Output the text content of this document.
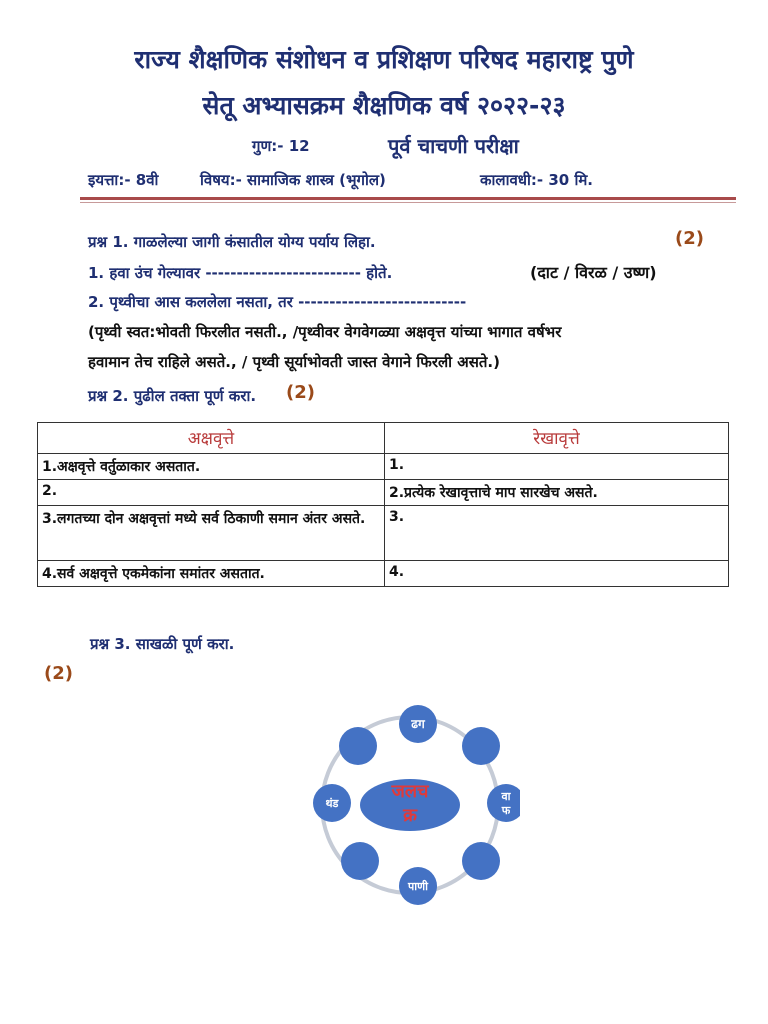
राज्य शैक्षणिक संशोधन व प्रशिक्षण परिषद महाराष्ट्र पुणे
सेतू अभ्यासक्रम शैक्षणिक वर्ष २०२२-२३
गुण:- 12	पूर्व चाचणी परीक्षा
इयत्ता:- 8वी	विषय:- सामाजिक शास्त्र (भूगोल)	कालावधी:- 30 मि.
प्रश्न 1. गाळलेल्या जागी कंसातील योग्य पर्याय लिहा.	(2)
1. हवा उंच गेल्यावर ------------------------- होते.	(दाट / विरळ / उष्ण)
2. पृथ्वीचा आस कललेला नसता, तर ---------------------------
(पृथ्वी स्वत:भोवती फिरलीत नसती., /पृथ्वीवर वेगवेगळ्या अक्षवृत्त यांच्या भागात वर्षभर
हवामान तेच राहिले असते., / पृथ्वी सूर्याभोवती जास्त वेगाने फिरली असते.)
प्रश्न 2. पुढील तक्ता पूर्ण करा. (2)
अक्षवृत्ते	रेखावृत्ते
1.अक्षवृत्ते वर्तुळाकार असतात.	1.
2.	2.प्रत्येक रेखावृत्ताचे माप सारखेच असते.
3.लगतच्या दोन अक्षवृत्तां मध्ये सर्व ठिकाणी समान अंतर असते.	3.
4.सर्व अक्षवृत्ते एकमेकांना समांतर असतात.	4.
प्रश्न 3. साखळी पूर्ण करा.
(2)
जलच
क्र
ढग
वा
फ
पाणी
थंड
